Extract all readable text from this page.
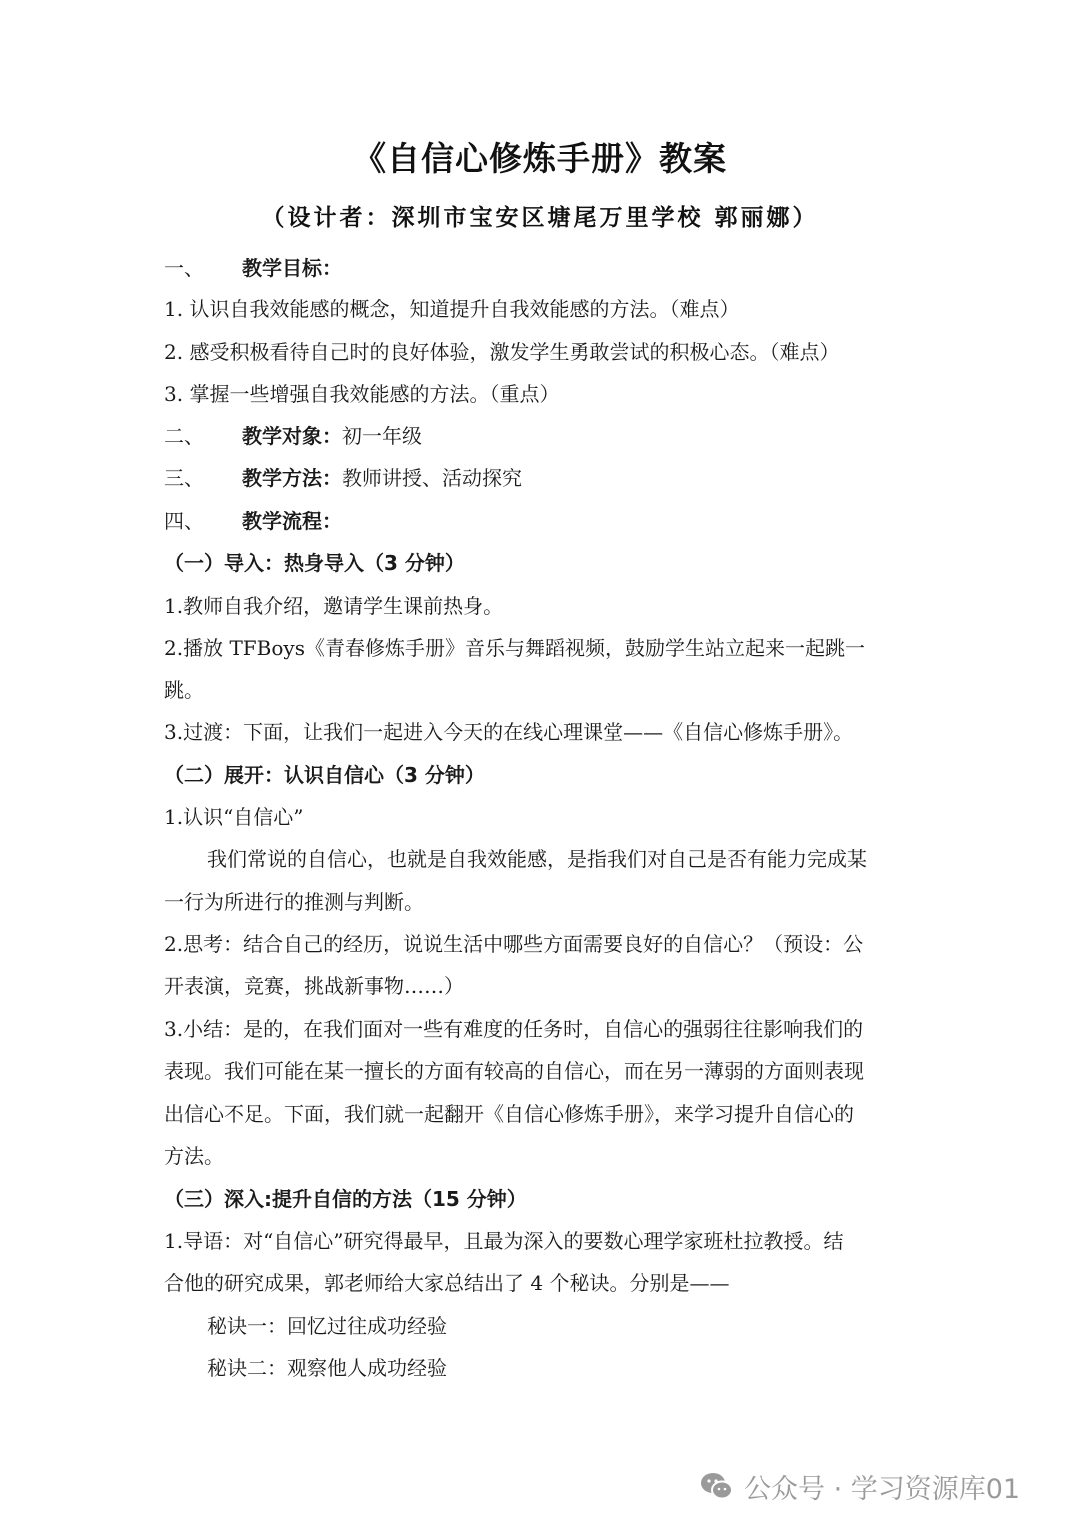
《自信心修炼手册》教案
（设计者：深圳市宝安区塘尾万里学校 郭丽娜）
一、 教学目标：
1. 认识自我效能感的概念，知道提升自我效能感的方法。（难点）
2. 感受积极看待自己时的良好体验，激发学生勇敢尝试的积极心态。（难点）
3. 掌握一些增强自我效能感的方法。（重点）
二、 教学对象：初一年级
三、 教学方法：教师讲授、活动探究
四、 教学流程：
（一）导入：热身导入（3 分钟）
1.教师自我介绍，邀请学生课前热身。
2.播放 TFBoys《青春修炼手册》音乐与舞蹈视频，鼓励学生站立起来一起跳一
跳。
3.过渡：下面，让我们一起进入今天的在线心理课堂——《自信心修炼手册》。
（二）展开：认识自信心（3 分钟）
1.认识“自信心”
我们常说的自信心，也就是自我效能感，是指我们对自己是否有能力完成某
一行为所进行的推测与判断。
2.思考：结合自己的经历，说说生活中哪些方面需要良好的自信心？（预设：公
开表演，竞赛，挑战新事物……）
3.小结：是的，在我们面对一些有难度的任务时，自信心的强弱往往影响我们的
表现。我们可能在某一擅长的方面有较高的自信心，而在另一薄弱的方面则表现
出信心不足。下面，我们就一起翻开《自信心修炼手册》，来学习提升自信心的
方法。
（三）深入:提升自信的方法（15 分钟）
1.导语：对“自信心”研究得最早，且最为深入的要数心理学家班杜拉教授。结
合他的研究成果，郭老师给大家总结出了 4 个秘诀。分别是——
秘诀一：回忆过往成功经验
秘诀二：观察他人成功经验
公众号 · 学习资源库01
